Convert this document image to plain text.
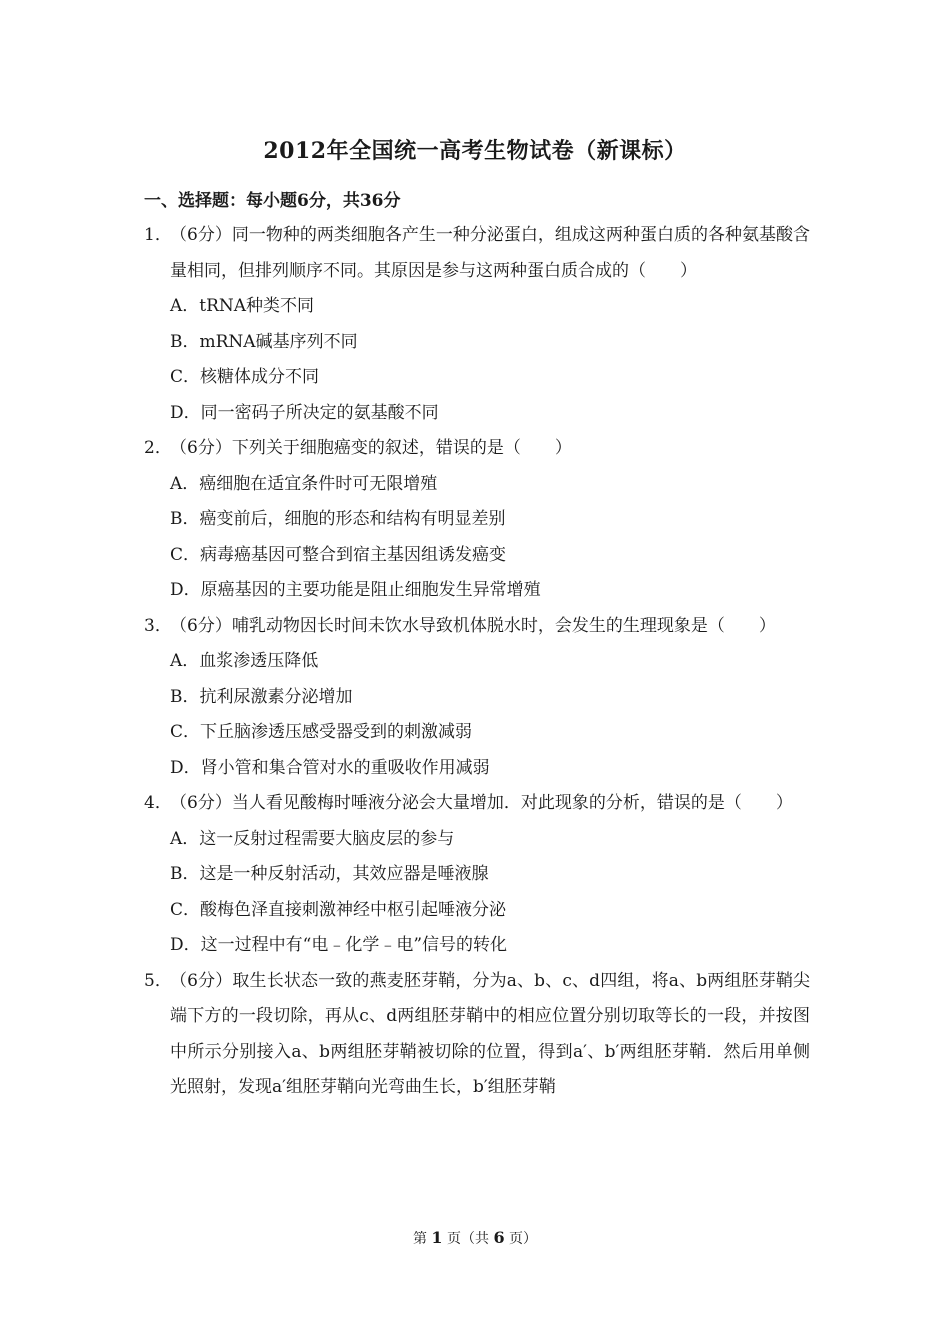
2012年全国统一高考生物试卷（新课标）
一、选择题：每小题6分，共36分
1．
（6分）同一物种的两类细胞各产生一种分泌蛋白，组成这两种蛋白质的各种氨基酸含量相同，但排列顺序不同。其原因是参与这两种蛋白质合成的（　　）
A．tRNA种类不同
B．mRNA碱基序列不同
C．核糖体成分不同
D．同一密码子所决定的氨基酸不同
2．
（6分）下列关于细胞癌变的叙述，错误的是（　　）
A．癌细胞在适宜条件时可无限增殖
B．癌变前后，细胞的形态和结构有明显差别
C．病毒癌基因可整合到宿主基因组诱发癌变
D．原癌基因的主要功能是阻止细胞发生异常增殖
3．
（6分）哺乳动物因长时间未饮水导致机体脱水时，会发生的生理现象是（　　）
A．血浆渗透压降低
B．抗利尿激素分泌增加
C．下丘脑渗透压感受器受到的刺激减弱
D．肾小管和集合管对水的重吸收作用减弱
4．
（6分）当人看见酸梅时唾液分泌会大量增加．对此现象的分析，错误的是（　　）
A．这一反射过程需要大脑皮层的参与
B．这是一种反射活动，其效应器是唾液腺
C．酸梅色泽直接刺激神经中枢引起唾液分泌
D．这一过程中有“电﹣化学﹣电”信号的转化
5．
（6分）取生长状态一致的燕麦胚芽鞘，分为a、b、c、d四组，将a、b两组胚芽鞘尖端下方的一段切除，再从c、d两组胚芽鞘中的相应位置分别切取等长的一段，并按图中所示分别接入a、b两组胚芽鞘被切除的位置，得到a′、b′两组胚芽鞘．然后用单侧光照射，发现a′组胚芽鞘向光弯曲生长，b′组胚芽鞘
第 1 页（共 6 页）
